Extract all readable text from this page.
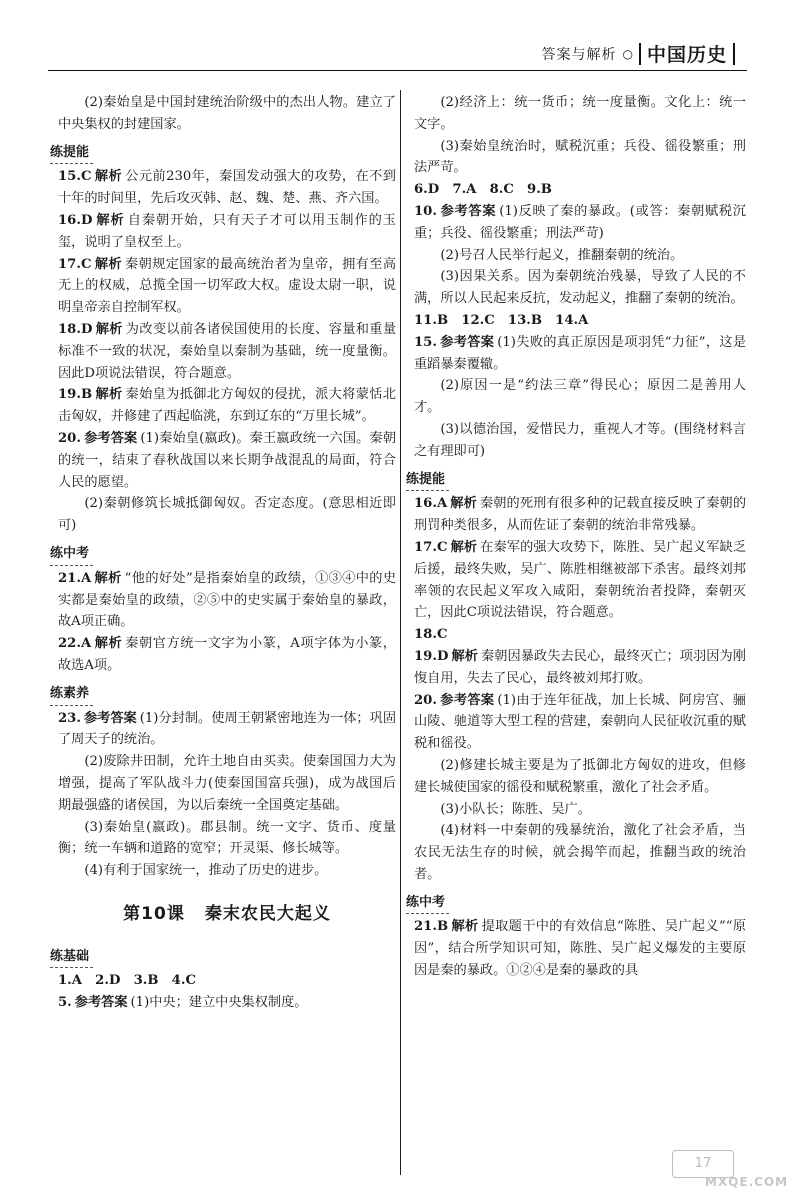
答案与解析 ○ 中国历史

(2)秦始皇是中国封建统治阶级中的杰出人物。建立了中央集权的封建国家。

练提能

15.C 解析 公元前230年，秦国发动强大的攻势，在不到十年的时间里，先后攻灭韩、赵、魏、楚、燕、齐六国。

16.D 解析 自秦朝开始，只有天子才可以用玉制作的玉玺，说明了皇权至上。

17.C 解析 秦朝规定国家的最高统治者为皇帝，拥有至高无上的权威，总揽全国一切军政大权。虚设太尉一职，说明皇帝亲自控制军权。

18.D 解析 为改变以前各诸侯国使用的长度、容量和重量标准不一致的状况，秦始皇以秦制为基础，统一度量衡。因此D项说法错误，符合题意。

19.B 解析 秦始皇为抵御北方匈奴的侵扰，派大将蒙恬北击匈奴，并修建了西起临洮，东到辽东的“万里长城”。

20. 参考答案 (1)秦始皇(嬴政)。秦王嬴政统一六国。秦朝的统一，结束了春秋战国以来长期争战混乱的局面，符合人民的愿望。

(2)秦朝修筑长城抵御匈奴。否定态度。(意思相近即可)

练中考

21.A 解析 “他的好处”是指秦始皇的政绩，①③④中的史实都是秦始皇的政绩，②⑤中的史实属于秦始皇的暴政，故A项正确。

22.A 解析 秦朝官方统一文字为小篆，A项字体为小篆，故选A项。

练素养

23. 参考答案 (1)分封制。使周王朝紧密地连为一体；巩固了周天子的统治。

(2)废除井田制，允许土地自由买卖。使秦国国力大为增强，提高了军队战斗力(使秦国国富兵强)，成为战国后期最强盛的诸侯国，为以后秦统一全国奠定基础。

(3)秦始皇(嬴政)。郡县制。统一文字、货币、度量衡；统一车辆和道路的宽窄；开灵渠、修长城等。

(4)有利于国家统一，推动了历史的进步。

第10课 秦末农民大起义
练基础

1.A　2.D　3.B　4.C

5. 参考答案 (1)中央；建立中央集权制度。

(2)经济上：统一货币；统一度量衡。文化上：统一文字。

(3)秦始皇统治时，赋税沉重；兵役、徭役繁重；刑法严苛。

6.D　7.A　8.C　9.B

10. 参考答案 (1)反映了秦的暴政。(或答：秦朝赋税沉重；兵役、徭役繁重；刑法严苛)

(2)号召人民举行起义，推翻秦朝的统治。

(3)因果关系。因为秦朝统治残暴，导致了人民的不满，所以人民起来反抗，发动起义，推翻了秦朝的统治。

11.B　12.C　13.B　14.A

15. 参考答案 (1)失败的真正原因是项羽凭“力征”，这是重蹈暴秦覆辙。

(2)原因一是“约法三章”得民心；原因二是善用人才。

(3)以德治国，爱惜民力，重视人才等。(围绕材料言之有理即可)

练提能

16.A 解析 秦朝的死刑有很多种的记载直接反映了秦朝的刑罚种类很多，从而佐证了秦朝的统治非常残暴。

17.C 解析 在秦军的强大攻势下，陈胜、吴广起义军缺乏后援，最终失败，吴广、陈胜相继被部下杀害。最终刘邦率领的农民起义军攻入咸阳，秦朝统治者投降，秦朝灭亡，因此C项说法错误，符合题意。

18.C

19.D 解析 秦朝因暴政失去民心，最终灭亡；项羽因为刚愎自用，失去了民心，最终被刘邦打败。

20. 参考答案 (1)由于连年征战，加上长城、阿房宫、骊山陵、驰道等大型工程的营建，秦朝向人民征收沉重的赋税和徭役。

(2)修建长城主要是为了抵御北方匈奴的进攻，但修建长城使国家的徭役和赋税繁重，激化了社会矛盾。

(3)小队长；陈胜、吴广。

(4)材料一中秦朝的残暴统治，激化了社会矛盾，当农民无法生存的时候，就会揭竿而起，推翻当政的统治者。

练中考

21.B 解析 提取题干中的有效信息“陈胜、吴广起义”“原因”，结合所学知识可知，陈胜、吴广起义爆发的主要原因是秦的暴政。①②④是秦的暴政的具

17
MXQE.COM
